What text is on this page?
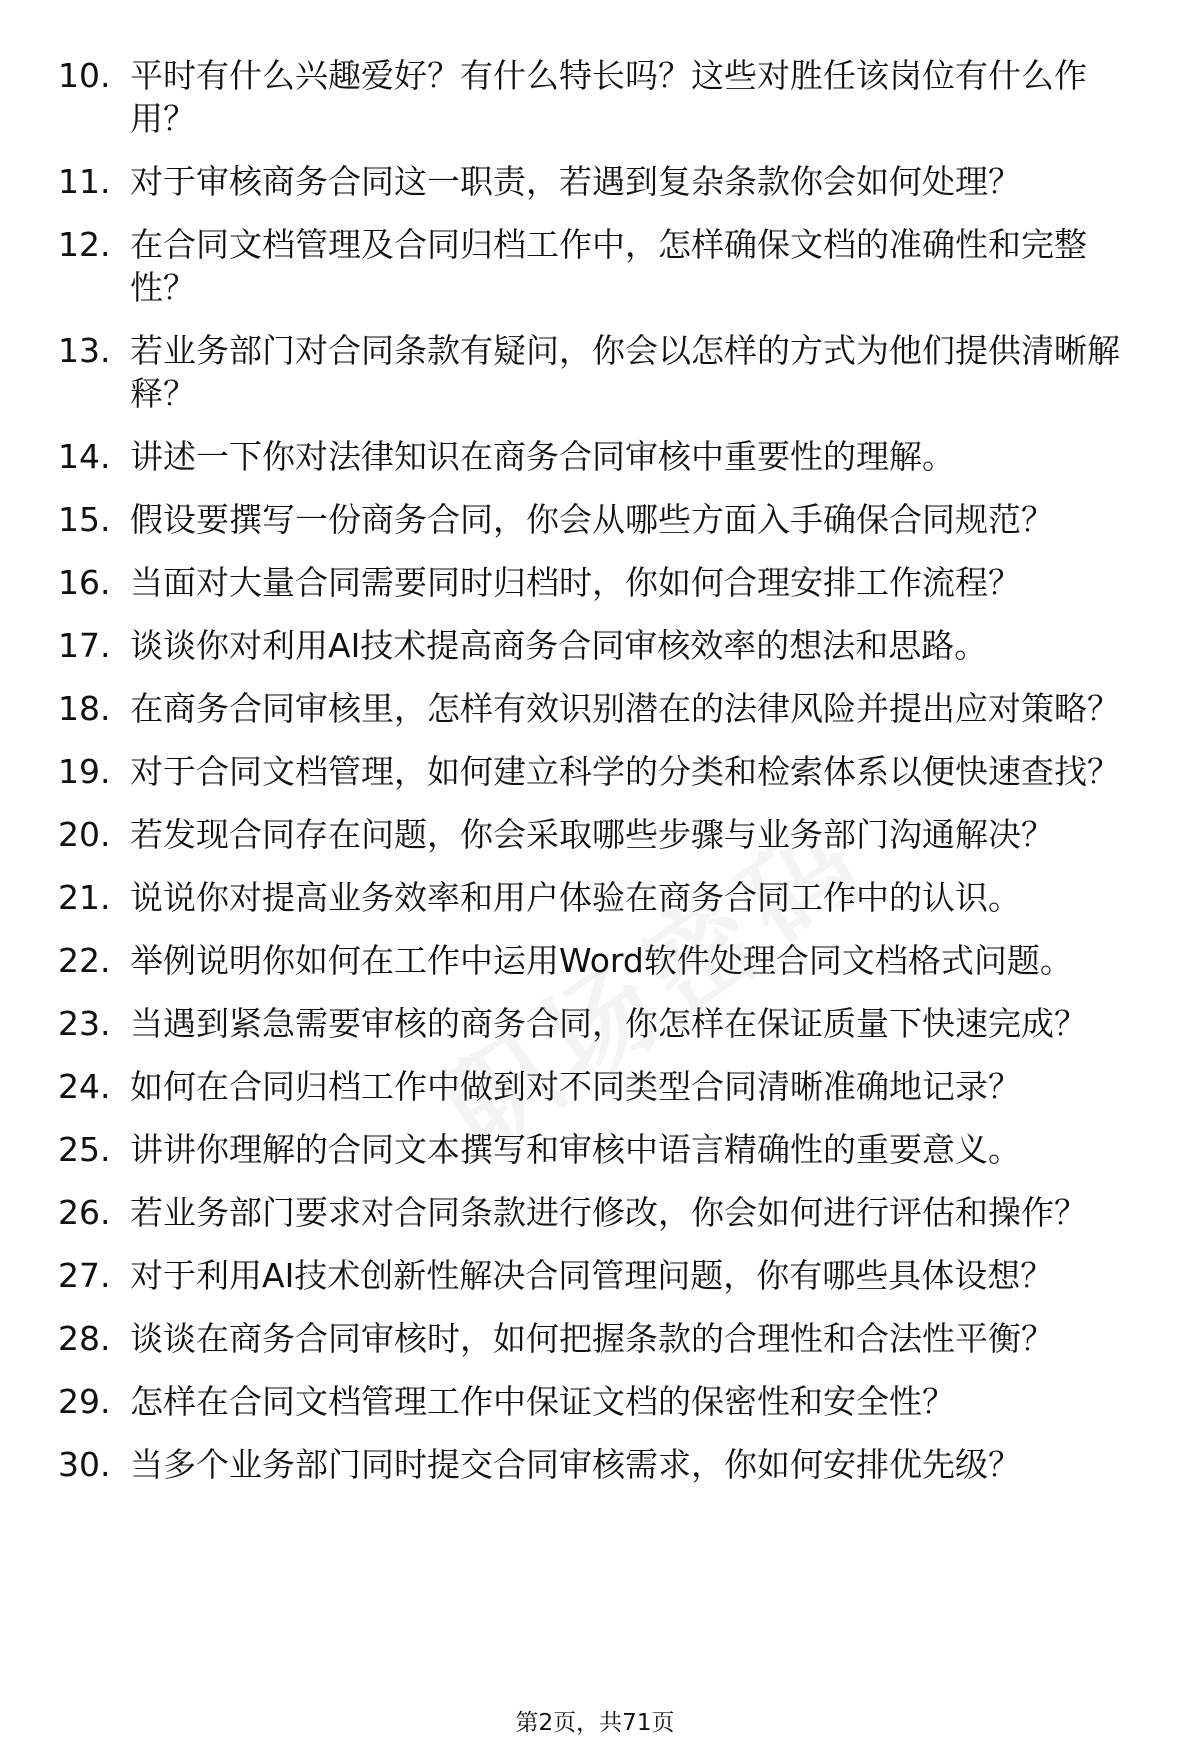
10. 平时有什么兴趣爱好？有什么特长吗？这些对胜任该岗位有什么作用？
11. 对于审核商务合同这一职责，若遇到复杂条款你会如何处理？
12. 在合同文档管理及合同归档工作中，怎样确保文档的准确性和完整性？
13. 若业务部门对合同条款有疑问，你会以怎样的方式为他们提供清晰解释？
14. 讲述一下你对法律知识在商务合同审核中重要性的理解。
15. 假设要撰写一份商务合同，你会从哪些方面入手确保合同规范？
16. 当面对大量合同需要同时归档时，你如何合理安排工作流程？
17. 谈谈你对利用AI技术提高商务合同审核效率的想法和思路。
18. 在商务合同审核里，怎样有效识别潜在的法律风险并提出应对策略？
19. 对于合同文档管理，如何建立科学的分类和检索体系以便快速查找？
20. 若发现合同存在问题，你会采取哪些步骤与业务部门沟通解决？
21. 说说你对提高业务效率和用户体验在商务合同工作中的认识。
22. 举例说明你如何在工作中运用Word软件处理合同文档格式问题。
23. 当遇到紧急需要审核的商务合同，你怎样在保证质量下快速完成？
24. 如何在合同归档工作中做到对不同类型合同清晰准确地记录？
25. 讲讲你理解的合同文本撰写和审核中语言精确性的重要意义。
26. 若业务部门要求对合同条款进行修改，你会如何进行评估和操作？
27. 对于利用AI技术创新性解决合同管理问题，你有哪些具体设想？
28. 谈谈在商务合同审核时，如何把握条款的合理性和合法性平衡？
29. 怎样在合同文档管理工作中保证文档的保密性和安全性？
30. 当多个业务部门同时提交合同审核需求，你如何安排优先级？
第2页，共71页
